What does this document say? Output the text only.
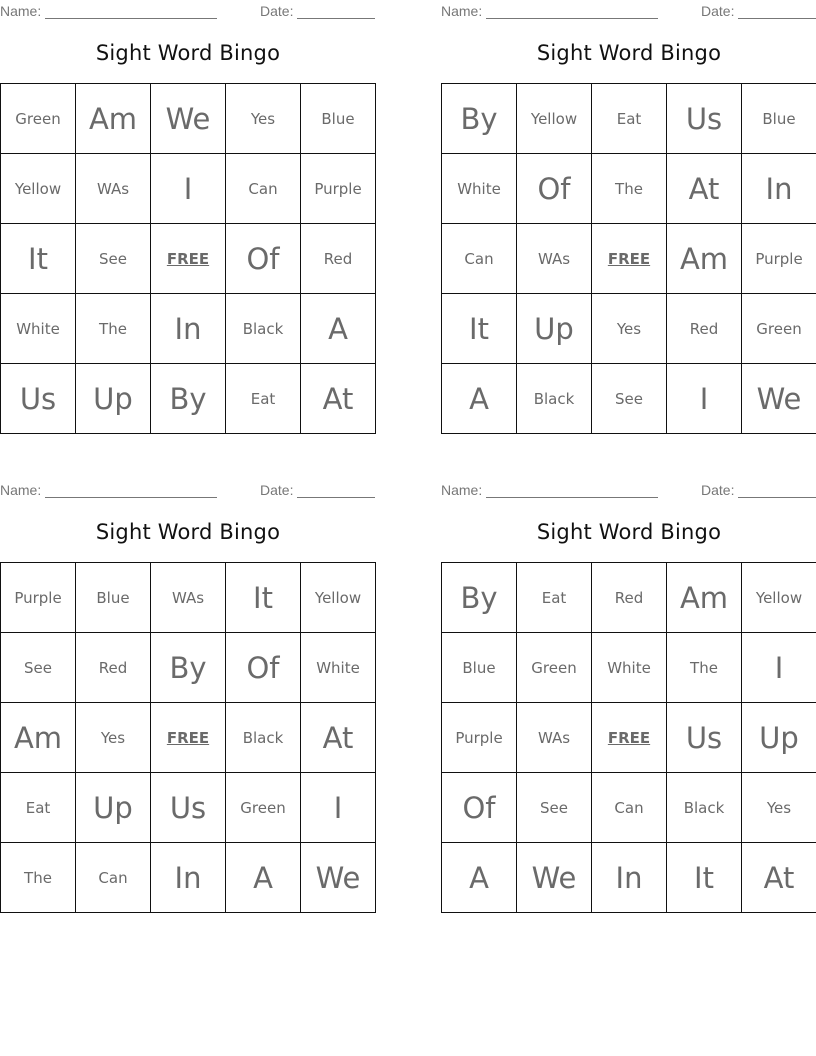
Name:	Date:
Sight Word Bingo
Green	Am	We	Yes	Blue
Yellow	WAs	I	Can	Purple
It	See	FREE	Of	Red
White	The	In	Black	A
Us	Up	By	Eat	At
Name:	Date:
Sight Word Bingo
By	Yellow	Eat	Us	Blue
White	Of	The	At	In
Can	WAs	FREE	Am	Purple
It	Up	Yes	Red	Green
A	Black	See	I	We
Name:	Date:
Sight Word Bingo
Purple	Blue	WAs	It	Yellow
See	Red	By	Of	White
Am	Yes	FREE	Black	At
Eat	Up	Us	Green	I
The	Can	In	A	We
Name:	Date:
Sight Word Bingo
By	Eat	Red	Am	Yellow
Blue	Green	White	The	I
Purple	WAs	FREE	Us	Up
Of	See	Can	Black	Yes
A	We	In	It	At
